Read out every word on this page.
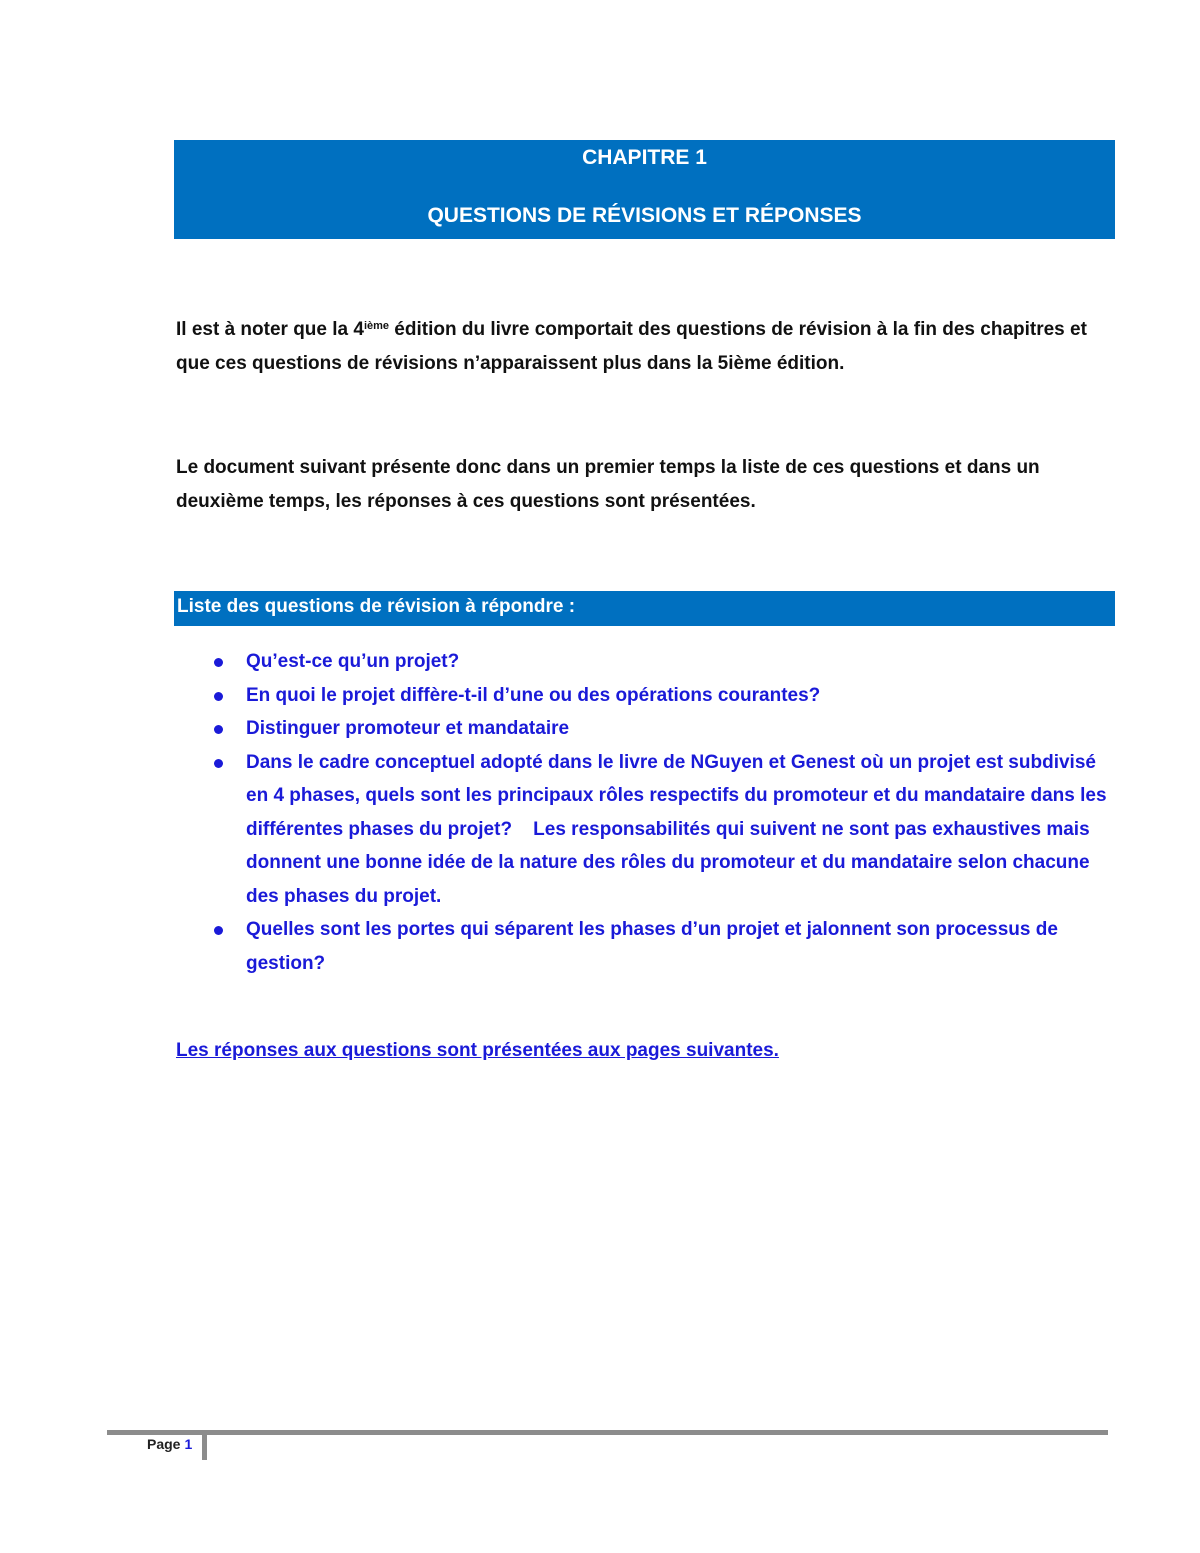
CHAPITRE 1
QUESTIONS DE RÉVISIONS ET RÉPONSES
Il est à noter que la 4ième édition du livre comportait des questions de révision à la fin des chapitres et que ces questions de révisions n’apparaissent plus dans la 5ième édition.
Le document suivant présente donc dans un premier temps la liste de ces questions et dans un deuxième temps, les réponses à ces questions sont présentées.
Liste des questions de révision à répondre :
Qu’est-ce qu’un projet?
En quoi le projet diffère-t-il d’une ou des opérations courantes?
Distinguer promoteur et mandataire
Dans le cadre conceptuel adopté dans le livre de NGuyen et Genest où un projet est subdivisé en 4 phases, quels sont les principaux rôles respectifs du promoteur et du mandataire dans les différentes phases du projet?    Les responsabilités qui suivent ne sont pas exhaustives mais donnent une bonne idée de la nature des rôles du promoteur et du mandataire selon chacune des phases du projet.
Quelles sont les portes qui séparent les phases d’un projet et jalonnent son processus de gestion?
Les réponses aux questions sont présentées aux pages suivantes.
Page 1
